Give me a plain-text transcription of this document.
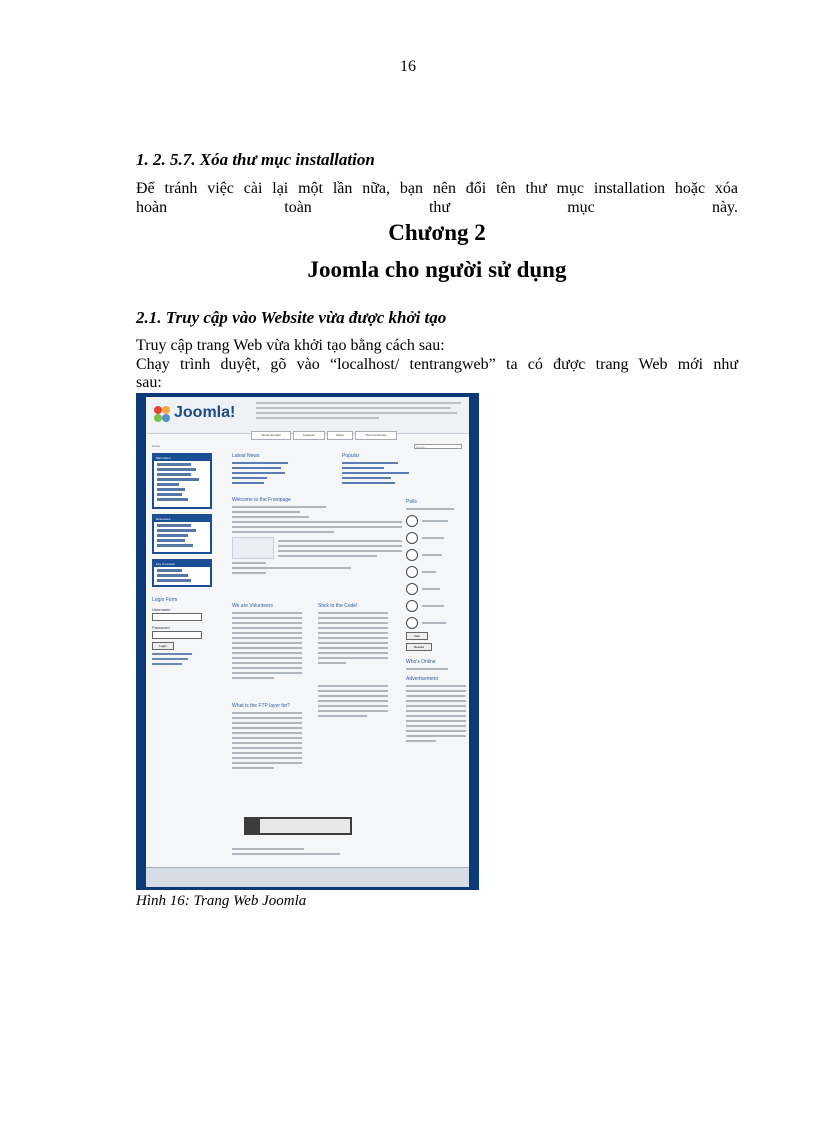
16
1. 2. 5.7. Xóa thư mục installation
Để tránh việc cài lại một lần nữa, bạn nên đổi tên thư mục installation hoặc xóa
hoàn toàn thư mục này.
Chương 2
Joomla cho người sử dụng
2.1. Truy cập vào Website vừa được khởi tạo
Truy cập trang Web vừa khởi tạo bằng cách sau:
Chạy trình duyệt, gõ vào “localhost/ tentrangweb” ta có được trang Web mới như
sau:
Joomla!
About Joomla!	Features	News	The Community
Home	search...
Main Menu
Resources
Key Concepts
Login Form
Username
Password
Login
Latest News	Popular
Welcome to the Frontpage
We are Volunteers	Stick to the Code!
What is the FTP layer for?
Polls
Vote
Results
Who's Online
Advertisement
Hình 16: Trang Web Joomla
